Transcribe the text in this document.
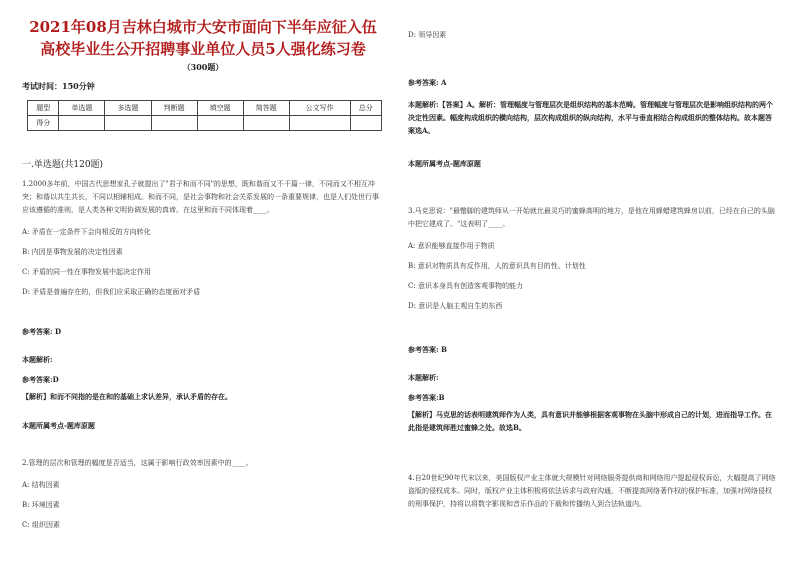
2021年08月吉林白城市大安市面向下半年应征入伍高校毕业生公开招聘事业单位人员5人强化练习卷
（300题）
考试时间：150分钟
题型	单选题	多选题	判断题	填空题	简答题	公文写作	总分
得分							
一.单选题(共120题)
1.2000多年前，中国古代思想家孔子就提出了"君子和而不同"的思想，既和谐而又不千篇一律，不同而又不相互冲突；和谐以共生共长，不同以相辅相成。和而不同，是社会事物和社会关系发展的一条重要规律，也是人们处世行事应该遵循的准则，是人类各种文明协调发展的真谛。在这里和而不同体现着____。
A: 矛盾在一定条件下会向相反的方向转化
B: 内因是事物发展的决定性因素
C: 矛盾的同一性在事物发展中起决定作用
D: 矛盾是普遍存在的，但我们应采取正确的态度面对矛盾
参考答案: D
本题解析:
参考答案:D
【解析】和而不同指的是在和的基础上求认差异，承认矛盾的存在。
本题所属考点-题库原题
2.管理的层次和管理的幅度是否适当，这属于影响行政效率因素中的____。
A: 结构因素
B: 环境因素
C: 组织因素
D: 领导因素
参考答案: A
本题解析:【答案】A。解析：管理幅度与管理层次是组织结构的基本范畴。管理幅度与管理层次是影响组织结构的两个决定性因素。幅度构成组织的横向结构，层次构成组织的纵向结构，水平与垂直相结合构成组织的整体结构。故本题答案选A。
本题所属考点-题库原题
3.马克思说："最蹩脚的建筑师从一开始就比最灵巧的蜜蜂高明的地方，是他在用蜂蜡建筑蜂房以前，已经在自己的头脑中把它建成了。"这表明了____。
A: 意识能够直接作用于物质
B: 意识对物质具有反作用，人的意识具有目的性、计划性
C: 意识本身具有创造客观事物的能力
D: 意识是人脑主观自生的东西
参考答案: B
本题解析:
参考答案:B
【解析】马克思的话表明建筑师作为人类，具有意识并能够根据客观事物在头脑中形成自己的计划，进而指导工作。在此指是建筑师胜过蜜蜂之处。故选B。
4.自20世纪90年代末以来，美国版权产业主体就大规模针对网络服务提供商和网络用户提起侵权诉讼，大幅提高了网络盗版的侵权成本。同时，版权产业主体积极将依法诉求与政府沟通，不断提高网络著作权的保护标准，加强对网络侵权的刑事保护，持将以将数字影视和音乐作品的下载和传播纳入到合法轨道内。
